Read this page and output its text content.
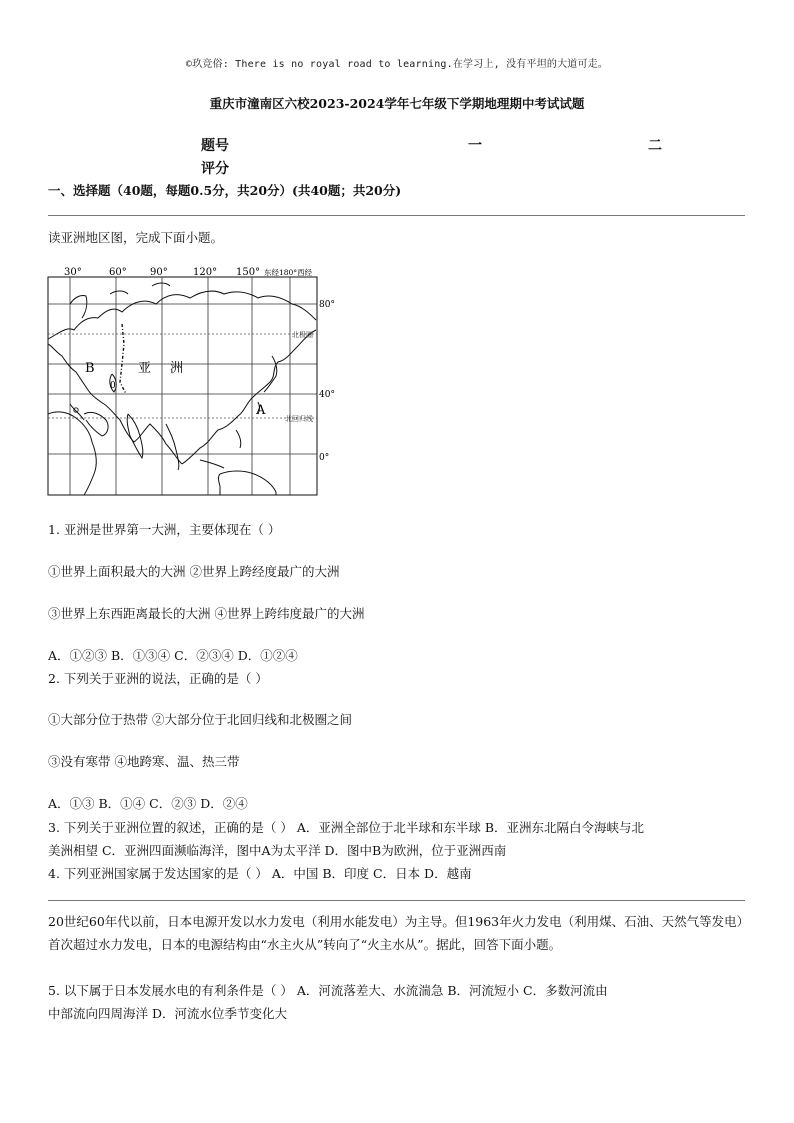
©玖竞俗: There is no royal road to learning.在学习上, 没有平坦的大道可走。
重庆市潼南区六校2023-2024学年七年级下学期地理期中考试试题
题号	一	二
评分
一、选择题（40题，每题0.5分，共20分）(共40题；共20分)
读亚洲地区图，完成下面小题。
30°	60° 90°	120° 150° 东经180°西经
80°
40°
0°
北极圈
北回归线
B	亚 洲
A
0
1. 亚洲是世界第一大洲，主要体现在（ ）
①世界上面积最大的大洲 ②世界上跨经度最广的大洲
③世界上东西距离最长的大洲 ④世界上跨纬度最广的大洲
A．①②③ B．①③④ C．②③④ D．①②④
2. 下列关于亚洲的说法，正确的是（ ）
①大部分位于热带 ②大部分位于北回归线和北极圈之间
③没有寒带 ④地跨寒、温、热三带
A．①③ B．①④ C．②③ D．②④
3. 下列关于亚洲位置的叙述，正确的是（ ） A．亚洲全部位于北半球和东半球 B．亚洲东北隔白令海峡与北
美洲相望 C．亚洲四面濒临海洋，图中A为太平洋 D．图中B为欧洲，位于亚洲西南
4. 下列亚洲国家属于发达国家的是（ ） A．中国 B．印度 C．日本 D．越南
20世纪60年代以前，日本电源开发以水力发电（利用水能发电）为主导。但1963年火力发电（利用煤、石油、天然气等发电）首次超过水力发电，日本的电源结构由“水主火从”转向了“火主水从”。据此，回答下面小题。
5. 以下属于日本发展水电的有利条件是（ ） A．河流落差大、水流湍急 B．河流短小 C．多数河流由
中部流向四周海洋 D．河流水位季节变化大
